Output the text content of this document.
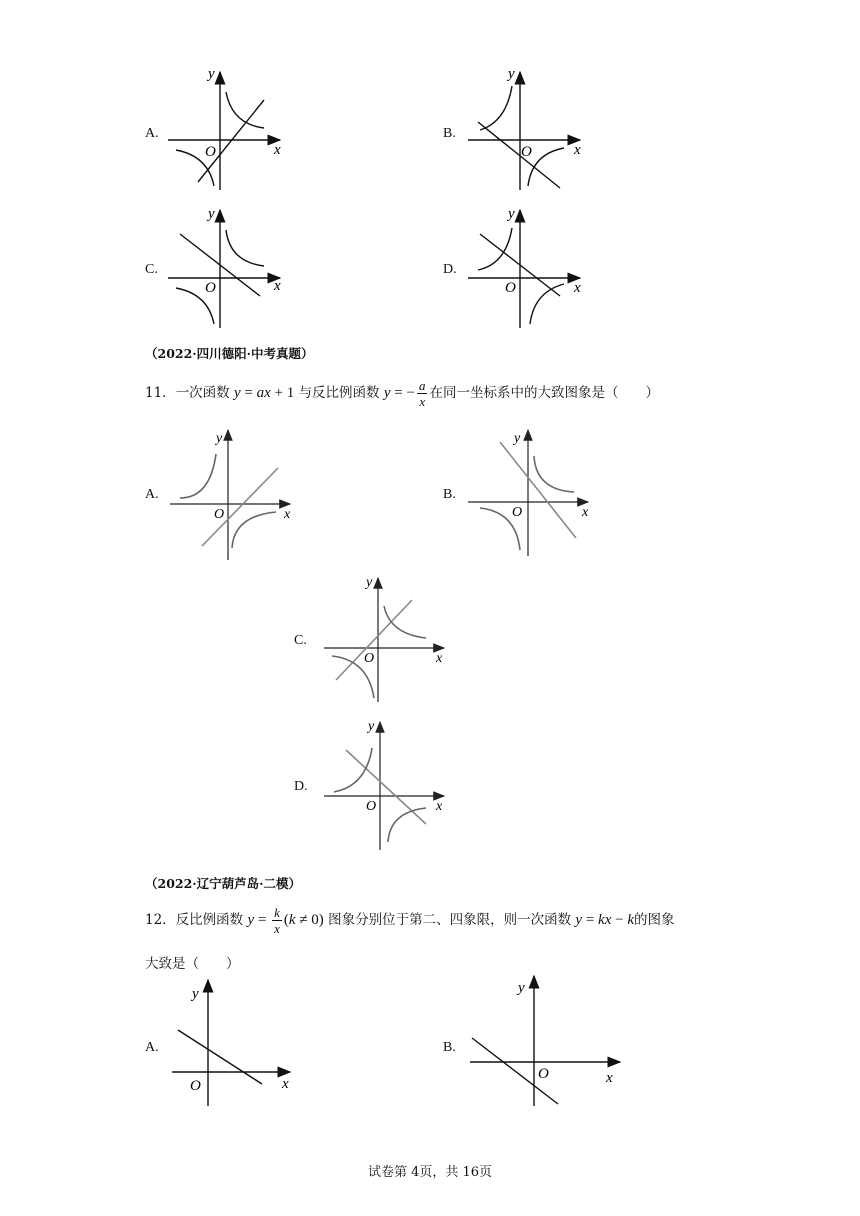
A.
y
x
O
B.
y
x
O
C.
y
x
O
D.
y
x
O
（2022·四川德阳·中考真题）
11．一次函数 y = ax + 1 与反比例函数 y = − $\frac{a}{x}$ 在同一坐标系中的大致图象是（　　）
A.
y
x
O
B.
y
x
O
C.
y
x
O
D.
y
x
O
（2022·辽宁葫芦岛·二模）
12．反比例函数 $y = \frac{k}{x} (k \ne 0)$ 图象分别位于第二、四象限，则一次函数 y = kx − k的图象
大致是（　　）
A.
y
x
O
B.
y
x
O
试卷第 4页，共 16页
